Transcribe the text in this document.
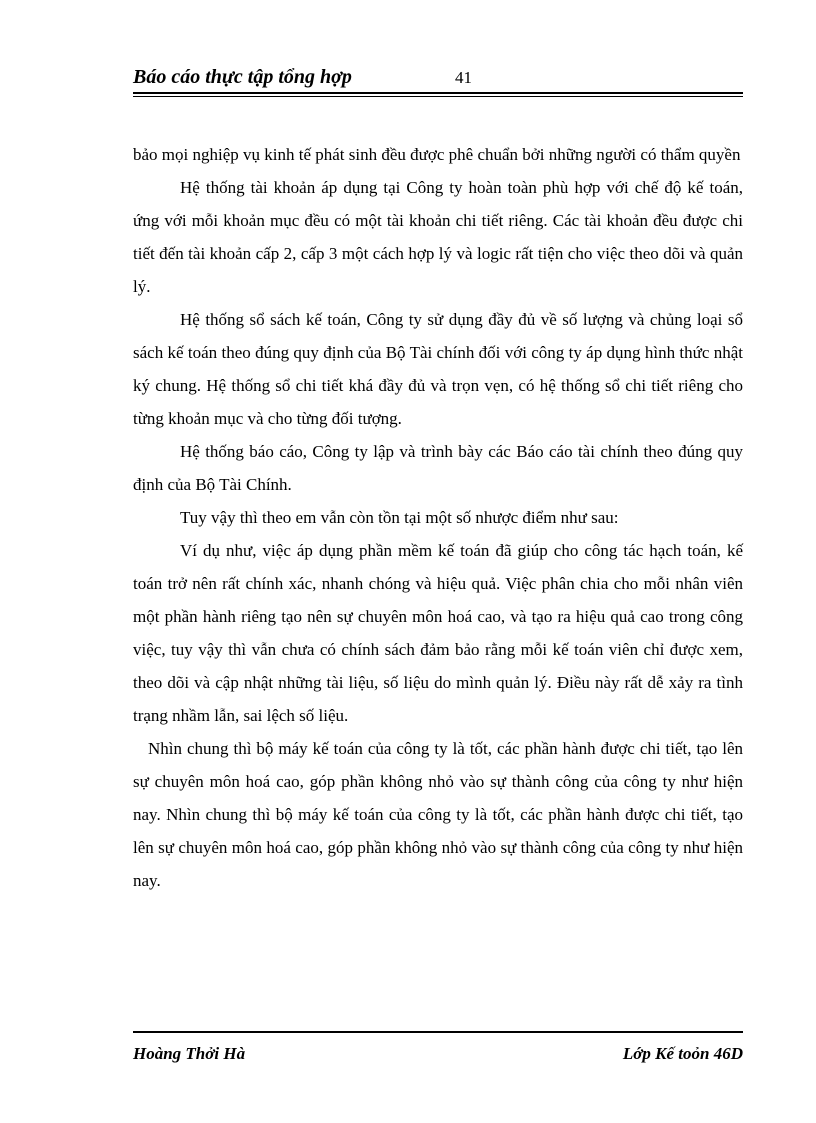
Báo cáo thực tập tổng hợp	41

bảo mọi nghiệp vụ kinh tế phát sinh đều được phê chuẩn bởi những người có thẩm quyền

Hệ thống tài khoản áp dụng tại Công ty hoàn toàn phù hợp với chế độ kế toán, ứng với mỗi khoản mục đều có một tài khoản chi tiết riêng. Các tài khoản đều được chi tiết đến tài khoản cấp 2, cấp 3 một cách hợp lý và logic rất tiện cho việc theo dõi và quản lý.

Hệ thống sổ sách kế toán, Công ty sử dụng đầy đủ về số lượng và chủng loại sổ sách kế toán theo đúng quy định của Bộ Tài chính đối với công ty áp dụng hình thức nhật ký chung. Hệ thống sổ chi tiết khá đầy đủ và trọn vẹn, có hệ thống sổ chi tiết riêng cho từng khoản mục và cho từng đối tượng.

Hệ thống báo cáo, Công ty lập và trình bày các Báo cáo tài chính theo đúng quy định của Bộ Tài Chính.

Tuy vậy thì theo em vẫn còn tồn tại một số nhược điểm như sau:

Ví dụ như, việc áp dụng phần mềm kế toán đã giúp cho công tác hạch toán, kế toán trở nên rất chính xác, nhanh chóng và hiệu quả. Việc phân chia cho mỗi nhân viên một phần hành riêng tạo nên sự chuyên môn hoá cao, và tạo ra hiệu quả cao trong công việc, tuy vậy thì vẫn chưa có chính sách đảm bảo rằng mỗi kế toán viên chỉ được xem, theo dõi và cập nhật những tài liệu, số liệu do mình quản lý. Điều này rất dễ xảy ra tình trạng nhầm lẫn, sai lệch số liệu.

Nhìn chung thì bộ máy kế toán của công ty là tốt, các phần hành được chi tiết, tạo lên sự chuyên môn hoá cao, góp phần không nhỏ vào sự thành công của công ty như hiện nay. Nhìn chung thì bộ máy kế toán của công ty là tốt, các phần hành được chi tiết, tạo lên sự chuyên môn hoá cao, góp phần không nhỏ vào sự thành công của công ty như hiện nay.

Hoàng Thởi Hà	Lớp Kế toỏn 46D
